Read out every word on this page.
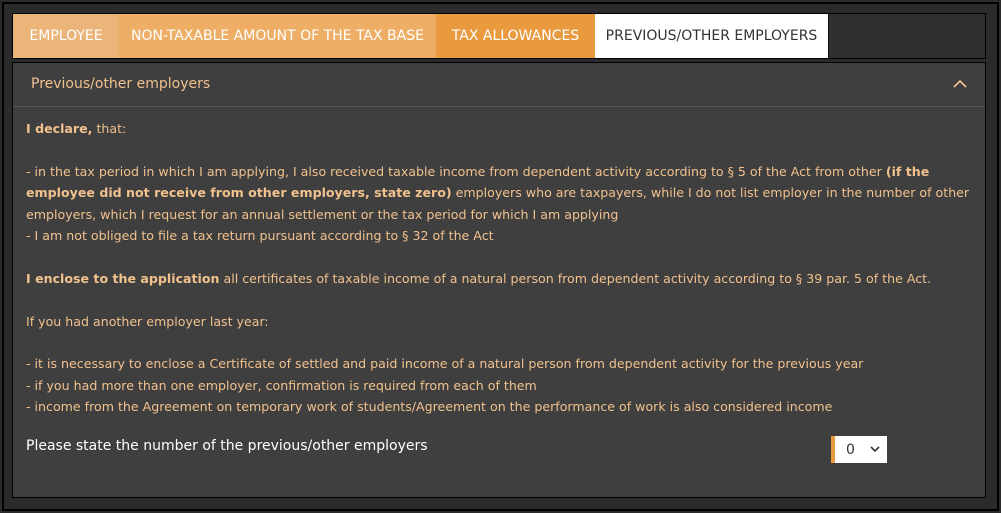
EMPLOYEE	NON-TAXABLE AMOUNT OF THE TAX BASE	TAX ALLOWANCES	PREVIOUS/OTHER EMPLOYERS
Previous/other employers

I declare, that:

- in the tax period in which I am applying, I also received taxable income from dependent activity according to § 5 of the Act from other (if the employee did not receive from other employers, state zero) employers who are taxpayers, while I do not list employer in the number of other employers, which I request for an annual settlement or the tax period for which I am applying

- I am not obliged to file a tax return pursuant according to § 32 of the Act

I enclose to the application all certificates of taxable income of a natural person from dependent activity according to § 39 par. 5 of the Act.

If you had another employer last year:

- it is necessary to enclose a Certificate of settled and paid income of a natural person from dependent activity for the previous year

- if you had more than one employer, confirmation is required from each of them

- income from the Agreement on temporary work of students/Agreement on the performance of work is also considered income

Please state the number of the previous/other employers	0
